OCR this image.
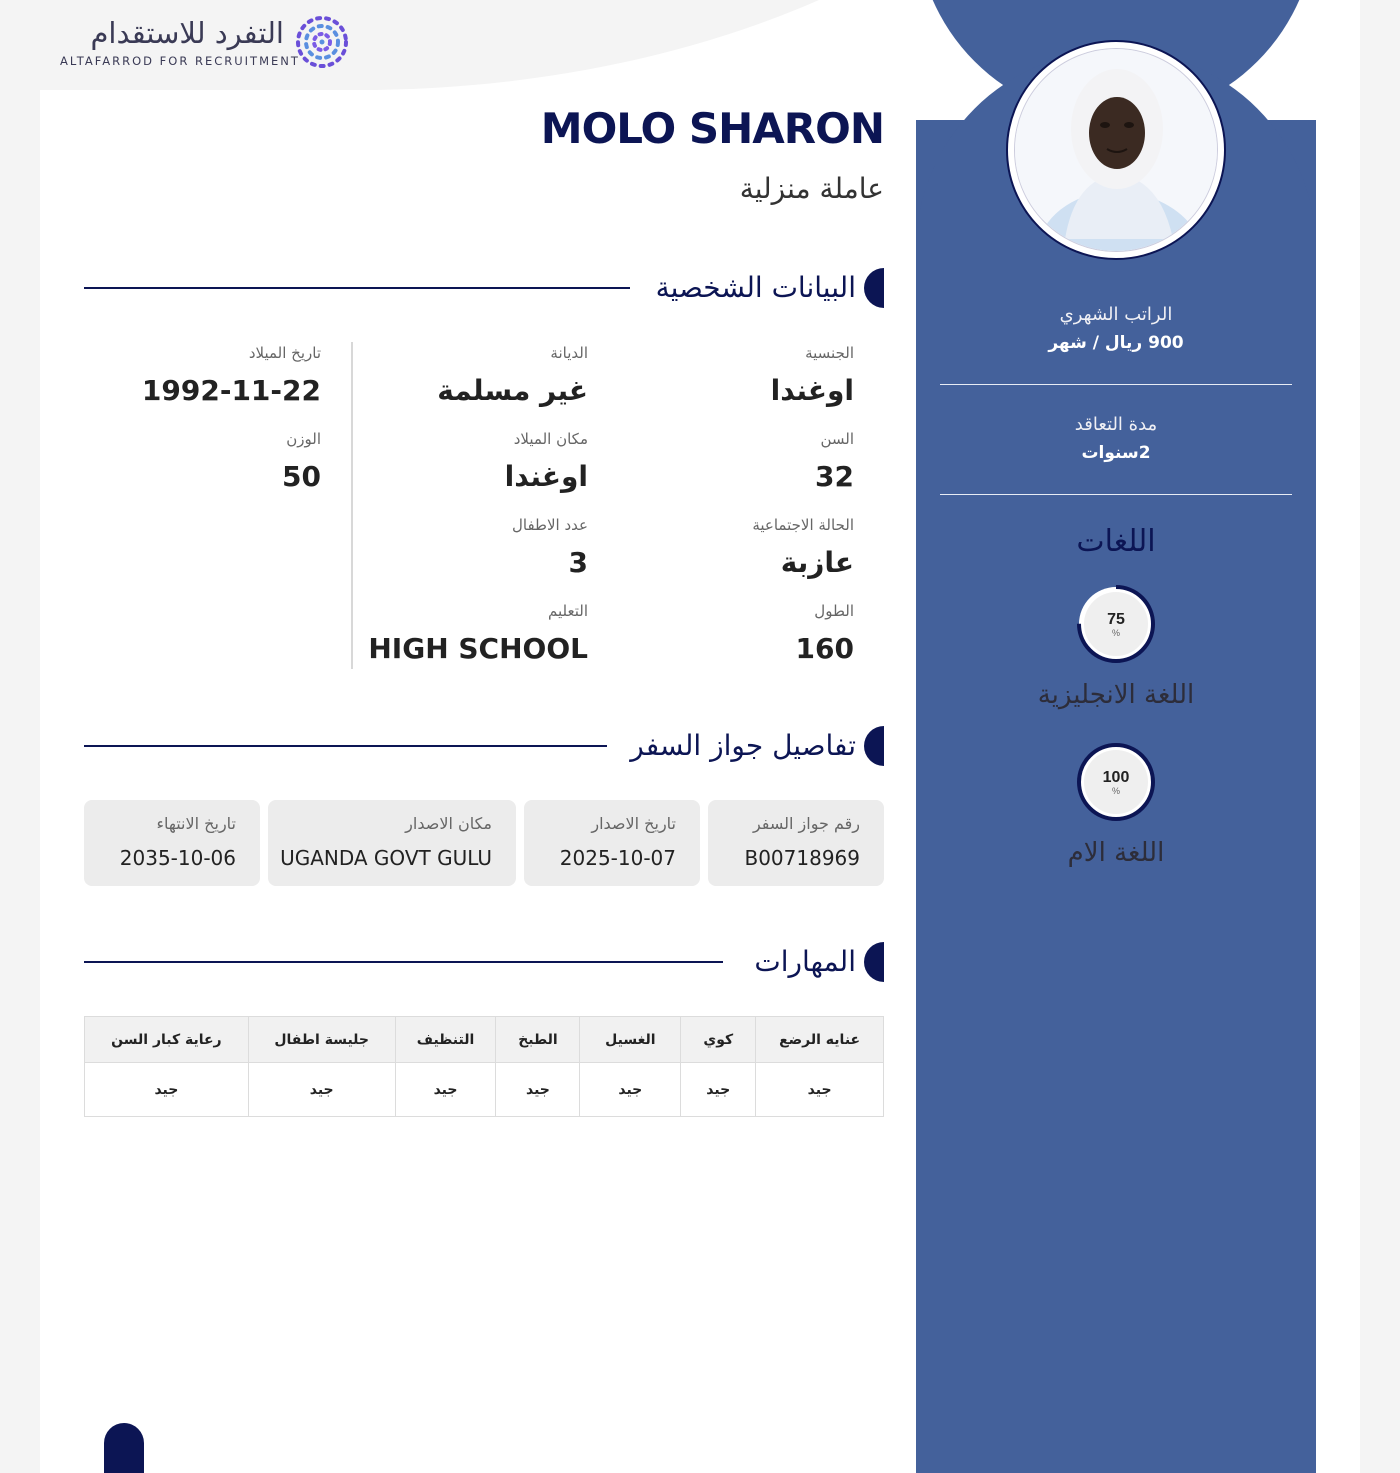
التفرد للاستقدام
ALTAFARROD FOR RECRUITMENT
الراتب الشهري
900 ريال / شهر
مدة التعاقد
2سنوات
اللغات
75
%
اللغة الانجليزية
100
%
اللغة الام
MOLO SHARON
عاملة منزلية
البيانات الشخصية
الجنسية
اوغندا
السن
32
الحالة الاجتماعية
عازبة
الطول
160
الديانة
غير مسلمة
مكان الميلاد
اوغندا
عدد الاطفال
3
التعليم
HIGH SCHOOL
تاريخ الميلاد
1992-11-22
الوزن
50
تفاصيل جواز السفر
رقم جواز السفر
B00718969
تاريخ الاصدار
2025-10-07
مكان الاصدار
UGANDA GOVT GULU
تاريخ الانتهاء
2035-10-06
المهارات
عنايه الرضع	كوي	الغسيل	الطبخ	التنظيف	جليسة اطفال	رعاية كبار السن
جيد	جيد	جيد	جيد	جيد	جيد	جيد
